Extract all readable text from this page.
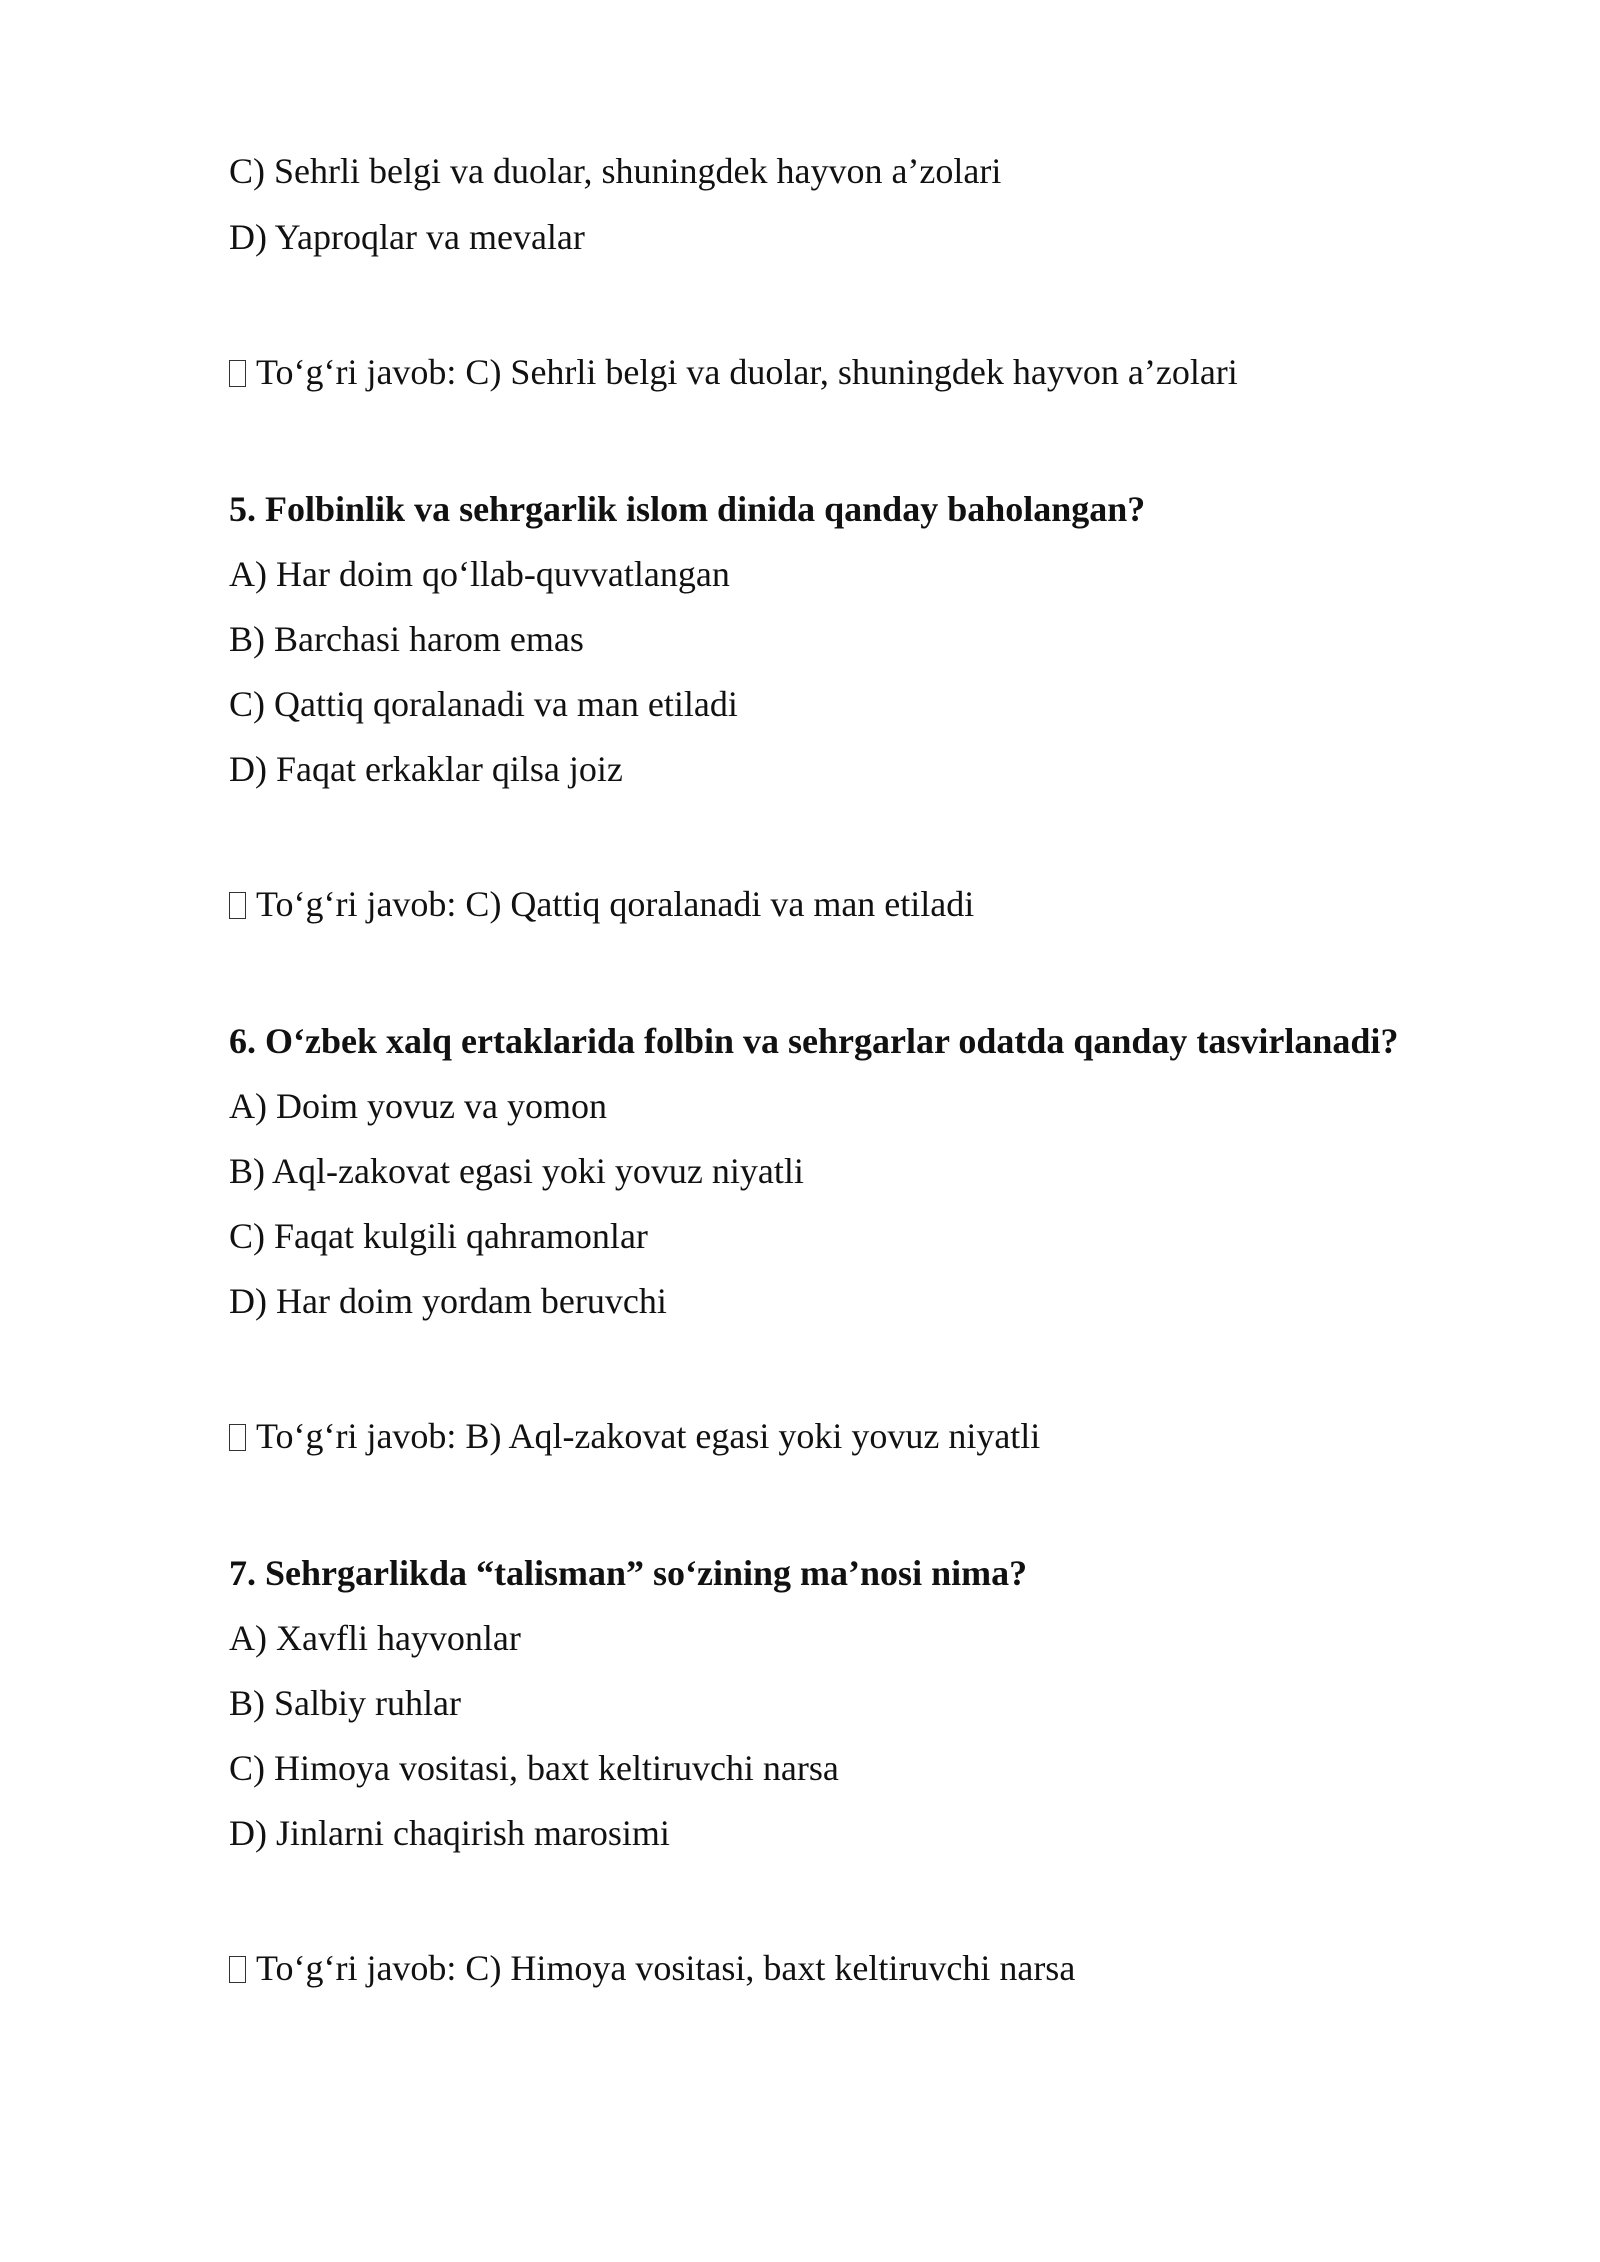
C) Sehrli belgi va duolar, shuningdek hayvon a’zolari
D) Yaproqlar va mevalar
To‘g‘ri javob: C) Sehrli belgi va duolar, shuningdek hayvon a’zolari
5. Folbinlik va sehrgarlik islom dinida qanday baholangan?
A) Har doim qo‘llab-quvvatlangan
B) Barchasi harom emas
C) Qattiq qoralanadi va man etiladi
D) Faqat erkaklar qilsa joiz
To‘g‘ri javob: C) Qattiq qoralanadi va man etiladi
6. O‘zbek xalq ertaklarida folbin va sehrgarlar odatda qanday tasvirlanadi?
A) Doim yovuz va yomon
B) Aql-zakovat egasi yoki yovuz niyatli
C) Faqat kulgili qahramonlar
D) Har doim yordam beruvchi
To‘g‘ri javob: B) Aql-zakovat egasi yoki yovuz niyatli
7. Sehrgarlikda “talisman” so‘zining ma’nosi nima?
A) Xavfli hayvonlar
B) Salbiy ruhlar
C) Himoya vositasi, baxt keltiruvchi narsa
D) Jinlarni chaqirish marosimi
To‘g‘ri javob: C) Himoya vositasi, baxt keltiruvchi narsa
